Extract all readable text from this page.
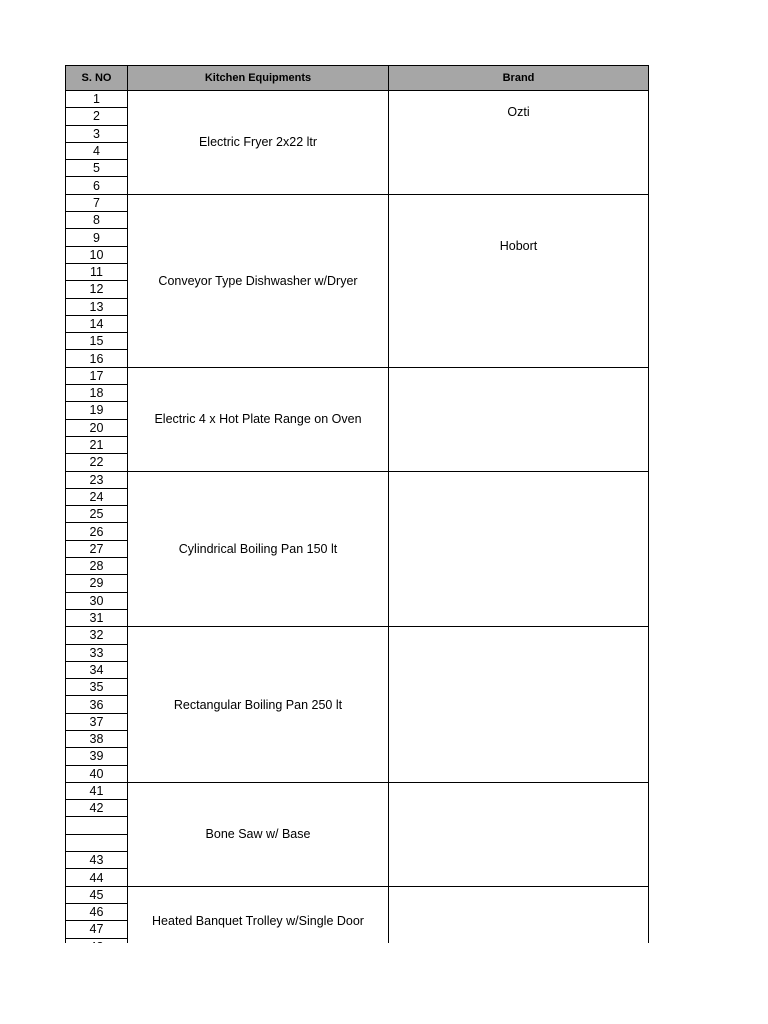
S. NO	Kitchen Equipments	Brand
1	Electric Fryer 2x22 ltr	Ozti

2		
3		
4		
5		
6		
7	Conveyor Type Dishwasher w/Dryer	Hobort

8		
9		
10		
11		
12		
13		
14		
15		
16		
17	Electric 4 x Hot Plate Range on Oven	

18		
19		
20		
21		
22		
23	Cylindrical Boiling Pan 150 lt	

24		
25		
26		
27		
28		
29		
30		
31		
32	Rectangular Boiling Pan 250 lt	

33		
34		
35		
36		
37		
38		
39		
40		
41	Bone Saw w/ Base	

42		

43		
44		
45	Heated Banquet Trolley w/Single Door	

46		
47		
